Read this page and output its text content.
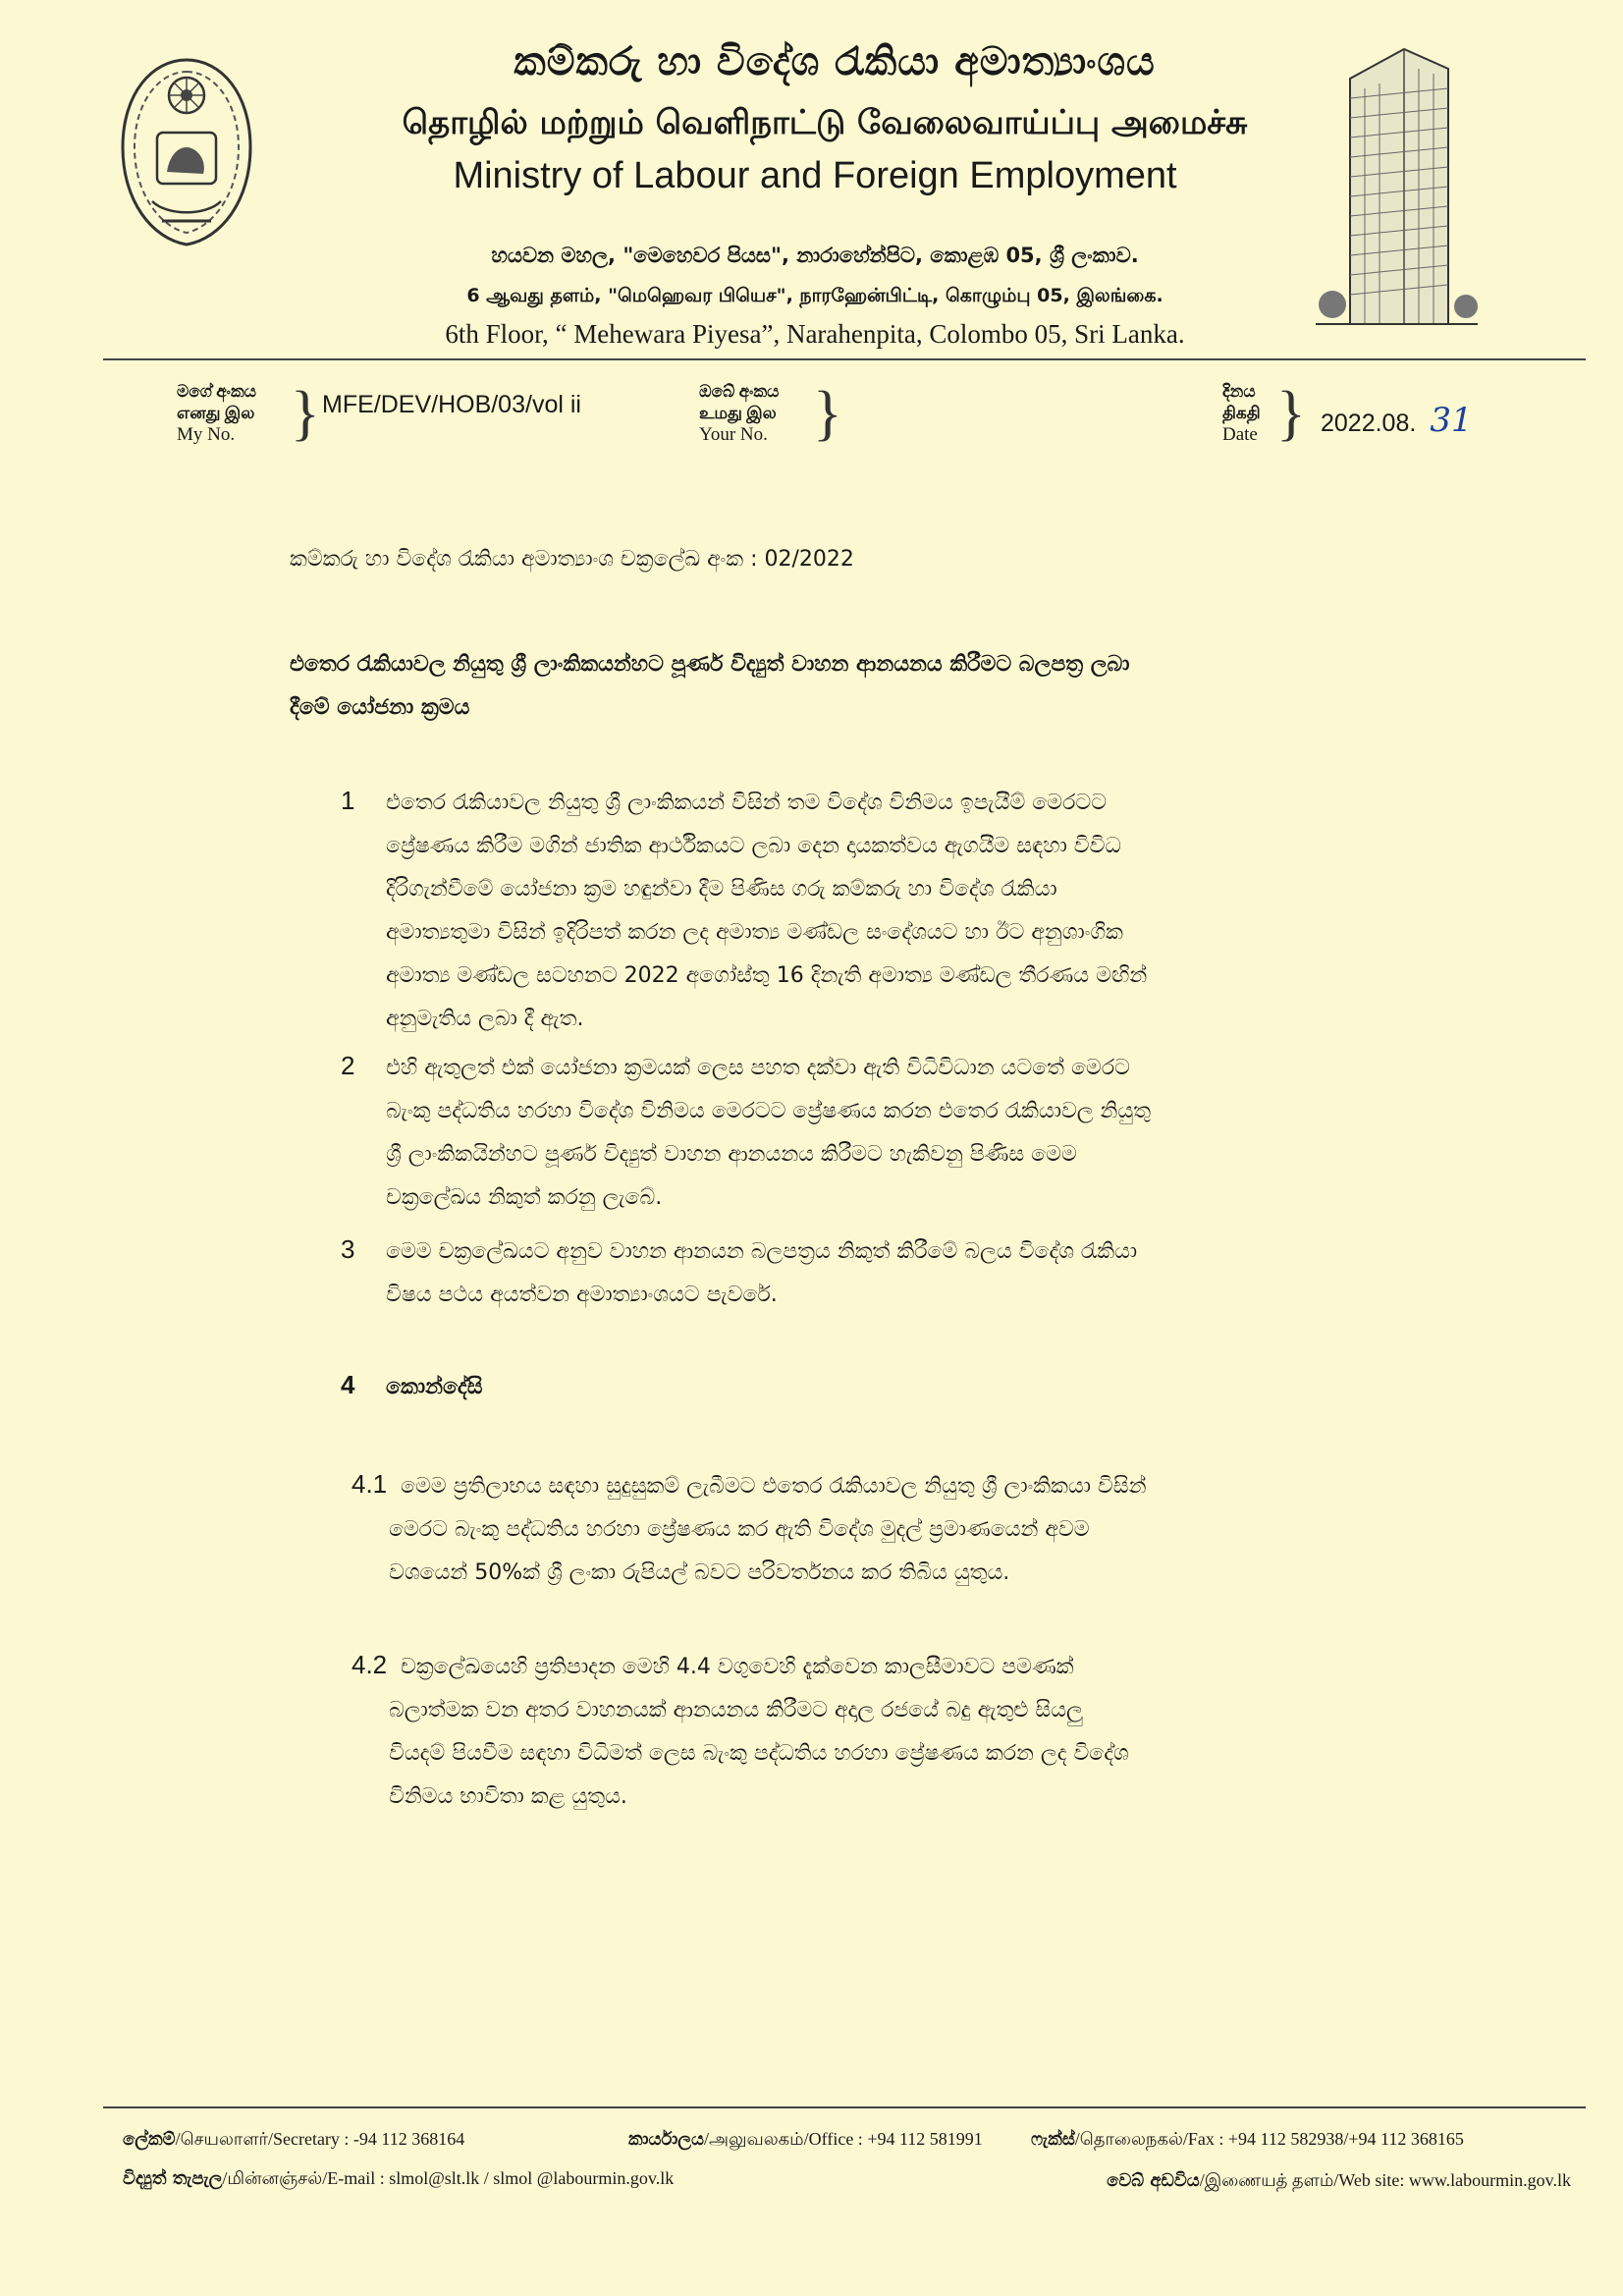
කම්කරු හා විදේශ රැකියා අමාත්‍යාංශය
தொழில் மற்றும் வெளிநாட்டு வேலைவாய்ப்பு அமைச்சு
Ministry of Labour and Foreign Employment
හයවන මහල, "මෙහෙවර පියස", නාරාහේන්පිට, කොළඹ 05, ශ්‍රී ලංකාව.
6 ஆவது தளம், "மெஹெவர பியெச", நாரஹேன்பிட்டி, கொழும்பு 05, இலங்கை.
6th Floor, “ Mehewara Piyesa”, Narahenpita, Colombo 05, Sri Lanka.
මගේ අංකය
எனது இல
My No. } MFE/DEV/HOB/03/vol ii	ඔබේ අංකය
உமது இல
Your No. }	දිනය
திகதி
Date } 2022.08. 31
කම්කරු හා විදේශ රැකියා අමාත්‍යාංශ චක්‍රලේඛ අංක : 02/2022
එතෙර රැකියාවල නියුතු ශ්‍රී ලාංකිකයන්හට පූර්ණ විද්‍යුත් වාහන ආනයනය කිරීමට බලපත්‍ර ලබා
දීමේ යෝජනා ක්‍රමය
1 එතෙර රැකියාවල නියුතු ශ්‍රී ලාංකිකයන් විසින් තම විදේශ විනිමය ඉපැයීම් මෙරටට
ප්‍රේෂණය කිරීම මගින් ජාතික ආර්ථිකයට ලබා දෙන දායකත්වය ඇගයීම සඳහා විවිධ
දිරිගැන්වීමේ යෝජනා ක්‍රම හඳුන්වා දීම පිණිස ගරු කම්කරු හා විදේශ රැකියා
අමාත්‍යතුමා විසින් ඉදිරිපත් කරන ලද අමාත්‍ය මණ්ඩල සංදේශයට හා ඊට අනුශාංගික
අමාත්‍ය මණ්ඩල සටහනට 2022 අගෝස්තු 16 දිනැති අමාත්‍ය මණ්ඩල තීරණය මඟින්
අනුමැතිය ලබා දී ඇත.
2 එහි ඇතුලත් එක් යෝජනා ක්‍රමයක් ලෙස පහත දක්වා ඇති විධිවිධාන යටතේ මෙරට
බැංකු පද්ධතිය හරහා විදේශ විනිමය මෙරටට ප්‍රේෂණය කරන එතෙර රැකියාවල නියුතු
ශ්‍රී ලාංකිකයින්හට පූර්ණ විද්‍යුත් වාහන ආනයනය කිරීමට හැකිවනු පිණිස මෙම
චක්‍රලේඛය නිකුත් කරනු ලැබේ.
3 මෙම චක්‍රලේඛයට අනුව වාහන ආනයන බලපත්‍රය නිකුත් කිරීමේ බලය විදේශ රැකියා
විෂය පථය අයත්වන අමාත්‍යාංශයට පැවරේ.
4 කොන්දේසි
4.1 මෙම ප්‍රතිලාභය සඳහා සුදුසුකම් ලැබීමට එතෙර රැකියාවල නියුතු ශ්‍රී ලාංකිකයා විසින්
මෙරට බැංකු පද්ධතිය හරහා ප්‍රේෂණය කර ඇති විදේශ මුදල් ප්‍රමාණයෙන් අවම
වශයෙන් 50%ක් ශ්‍රී ලංකා රුපියල් බවට පරිවර්තනය කර තිබිය යුතුය.
4.2 චක්‍රලේඛයෙහි ප්‍රතිපාදන මෙහි 4.4 වගුවෙහි දැක්වෙන කාලසීමාවට පමණක්
බලාත්මක වන අතර වාහනයක් ආනයනය කිරීමට අදාල රජයේ බදු ඇතුළු සියලු
වියදම් පියවීම සඳහා විධිමත් ලෙස බැංකු පද්ධතිය හරහා ප්‍රේෂණය කරන ලද විදේශ
විනිමය භාවිතා කළ යුතුය.
ලේකම්/செயலாளர்/Secretary : -94 112 368164	කාර්යාලය/அலுவலகம்/Office : +94 112 581991	ෆැක්ස්/தொலைநகல்/Fax : +94 112 582938/+94 112 368165
විද්‍යුත් තැපැල/மின்னஞ்சல்/E-mail : slmol@slt.lk / slmol @labourmin.gov.lk	වෙබ් අඩවිය/இணையத் தளம்/Web site: www.labourmin.gov.lk
